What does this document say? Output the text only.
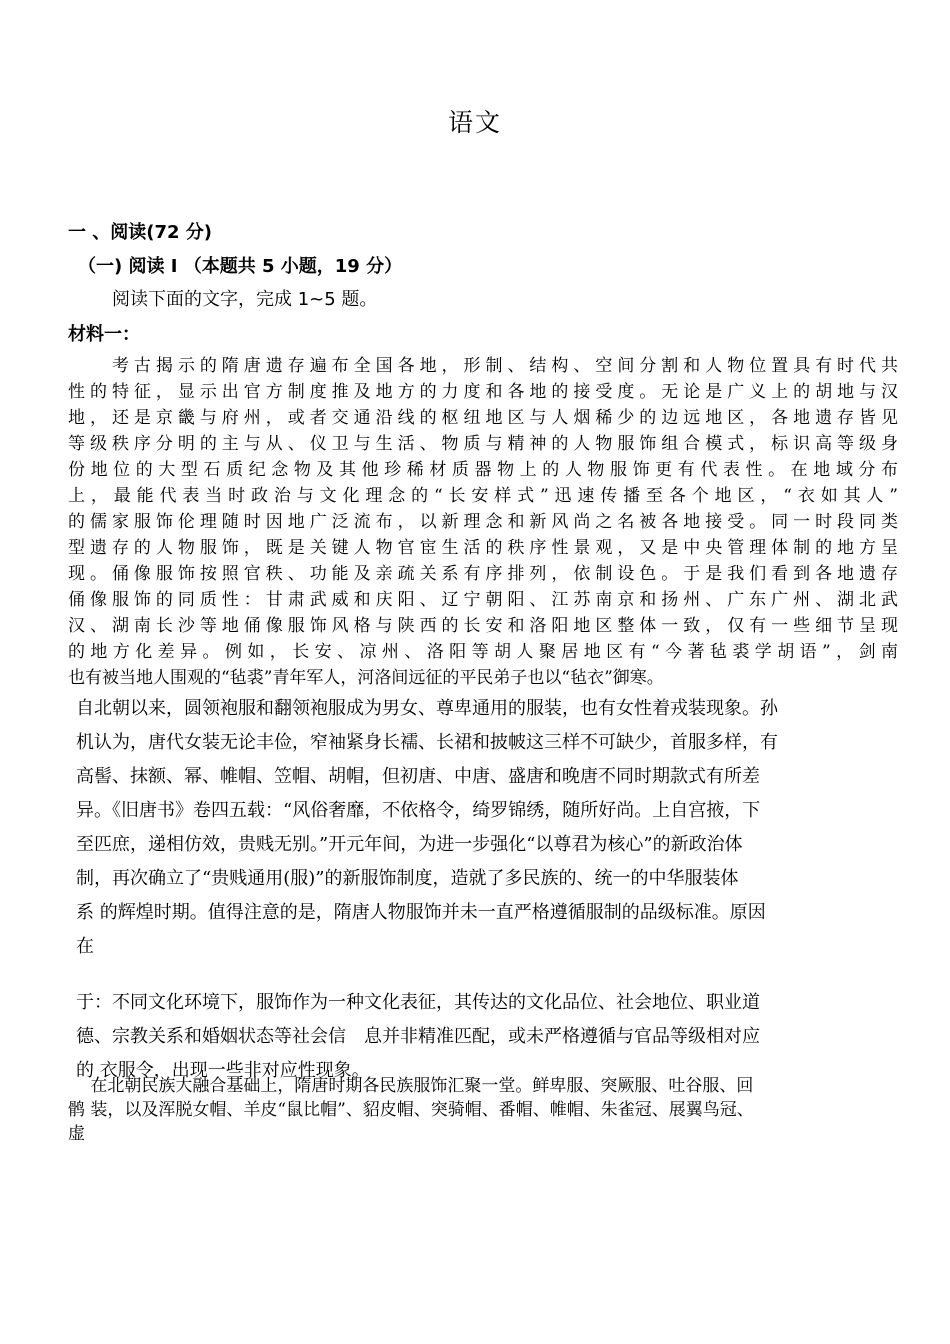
语文
一 、阅读(72 分)
（一) 阅读 Ⅰ （本题共 5 小题，19 分）
阅读下面的文字，完成 1~5 题。
材料一：
　　考古揭示的隋唐遗存遍布全国各地，形制、结构、空间分割和人物位置具有时代共
性的特征，显示出官方制度推及地方的力度和各地的接受度。无论是广义上的胡地与汉
地，还是京畿与府州，或者交通沿线的枢纽地区与人烟稀少的边远地区，各地遗存皆见
等级秩序分明的主与从、仪卫与生活、物质与精神的人物服饰组合模式，标识高等级身
份地位的大型石质纪念物及其他珍稀材质器物上的人物服饰更有代表性。在地域分布
上，最能代表当时政治与文化理念的“长安样式”迅速传播至各个地区，“衣如其人”
的儒家服饰伦理随时因地广泛流布，以新理念和新风尚之名被各地接受。同一时段同类
型遗存的人物服饰，既是关键人物官宦生活的秩序性景观，又是中央管理体制的地方呈
现。俑像服饰按照官秩、功能及亲疏关系有序排列，依制设色。于是我们看到各地遗存
俑像服饰的同质性：甘肃武威和庆阳、辽宁朝阳、江苏南京和扬州、广东广州、湖北武
汉、湖南长沙等地俑像服饰风格与陕西的长安和洛阳地区整体一致，仅有一些细节呈现
的地方化差异。例如，长安、凉州、洛阳等胡人聚居地区有“今著毡裘学胡语”，剑南
也有被当地人围观的“毡裘”青年军人，河洛间远征的平民弟子也以“毡衣”御寒。
自北朝以来，圆领袍服和翻领袍服成为男女、尊卑通用的服装，也有女性着戎装现象。孙
机认为，唐代女装无论丰俭，窄袖紧身长襦、长裙和披帔这三样不可缺少，首服多样，有
高髻、抹额、幂、帷帽、笠帽、胡帽，但初唐、中唐、盛唐和晚唐不同时期款式有所差
异。《旧唐书》卷四五载：“风俗奢靡，不依格令，绮罗锦绣，随所好尚。上自宫掖，下
至匹庶，递相仿效，贵贱无别。”开元年间，为进一步强化“以尊君为核心”的新政治体
制，再次确立了“贵贱通用(服)”的新服饰制度，造就了多民族的、统一的中华服装体
系 的辉煌时期。值得注意的是，隋唐人物服饰并未一直严格遵循服制的品级标准。原因
在
于：不同文化环境下，服饰作为一种文化表征，其传达的文化品位、社会地位、职业道
德、宗教关系和婚姻状态等社会信　息并非精准匹配，或未严格遵循与官品等级相对应
的 衣服令，出现一些非对应性现象。
　 在北朝民族大融合基础上，隋唐时期各民族服饰汇聚一堂。鲜卑服、突厥服、吐谷服、回
鹘 装，以及浑脱女帽、羊皮“鼠比帽”、貂皮帽、突骑帽、番帽、帷帽、朱雀冠、展翼鸟冠、
虚
